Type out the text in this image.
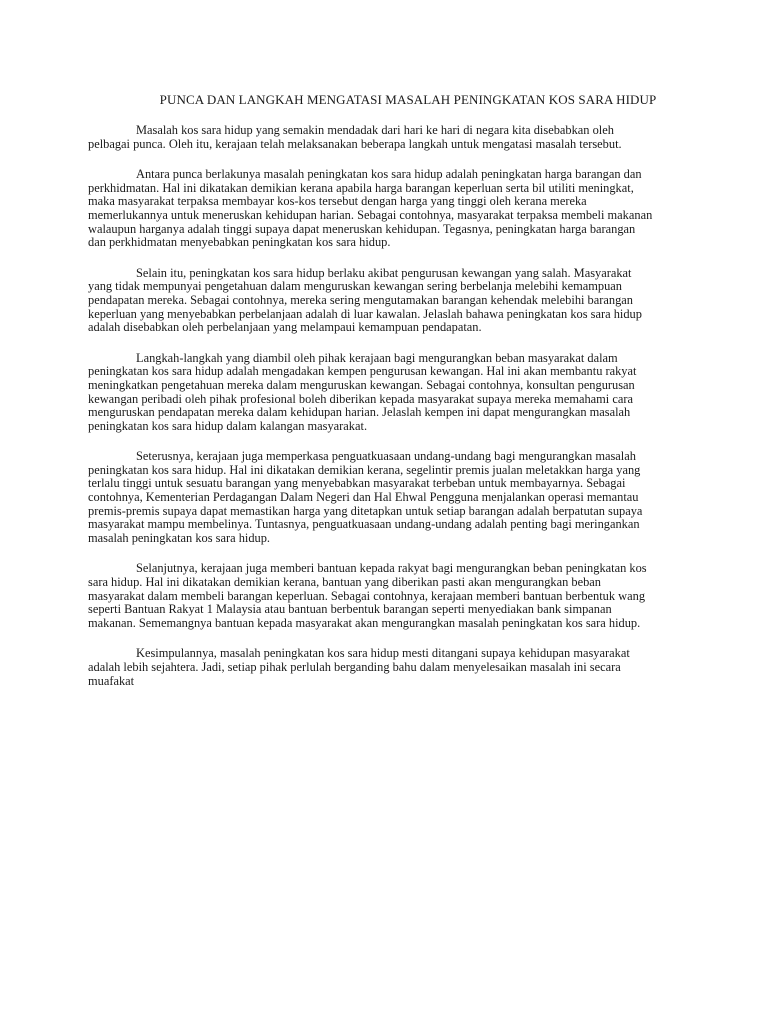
PUNCA DAN LANGKAH MENGATASI MASALAH PENINGKATAN KOS SARA HIDUP

Masalah kos sara hidup yang semakin mendadak dari hari ke hari di negara kita disebabkan oleh pelbagai punca. Oleh itu, kerajaan telah melaksanakan beberapa langkah untuk mengatasi masalah tersebut.

Antara punca berlakunya masalah peningkatan kos sara hidup adalah peningkatan harga barangan dan perkhidmatan. Hal ini dikatakan demikian kerana apabila harga barangan keperluan serta bil utiliti meningkat, maka masyarakat terpaksa membayar kos-kos tersebut dengan harga yang tinggi oleh kerana mereka memerlukannya untuk meneruskan kehidupan harian. Sebagai contohnya, masyarakat terpaksa membeli makanan walaupun harganya adalah tinggi supaya dapat meneruskan kehidupan. Tegasnya, peningkatan harga barangan dan perkhidmatan menyebabkan peningkatan kos sara hidup.

Selain itu, peningkatan kos sara hidup berlaku akibat pengurusan kewangan yang salah. Masyarakat yang tidak mempunyai pengetahuan dalam menguruskan kewangan sering berbelanja melebihi kemampuan pendapatan mereka. Sebagai contohnya, mereka sering mengutamakan barangan kehendak melebihi barangan keperluan yang menyebabkan perbelanjaan adalah di luar kawalan. Jelaslah bahawa peningkatan kos sara hidup adalah disebabkan oleh perbelanjaan yang melampaui kemampuan pendapatan.

Langkah-langkah yang diambil oleh pihak kerajaan bagi mengurangkan beban masyarakat dalam peningkatan kos sara hidup adalah mengadakan kempen pengurusan kewangan. Hal ini akan membantu rakyat meningkatkan pengetahuan mereka dalam menguruskan kewangan. Sebagai contohnya, konsultan pengurusan kewangan peribadi oleh pihak profesional boleh diberikan kepada masyarakat supaya mereka memahami cara menguruskan pendapatan mereka dalam kehidupan harian. Jelaslah kempen ini dapat mengurangkan masalah peningkatan kos sara hidup dalam kalangan masyarakat.

Seterusnya, kerajaan juga memperkasa penguatkuasaan undang-undang bagi mengurangkan masalah peningkatan kos sara hidup. Hal ini dikatakan demikian kerana, segelintir premis jualan meletakkan harga yang terlalu tinggi untuk sesuatu barangan yang menyebabkan masyarakat terbeban untuk membayarnya. Sebagai contohnya, Kementerian Perdagangan Dalam Negeri dan Hal Ehwal Pengguna menjalankan operasi memantau premis-premis supaya dapat memastikan harga yang ditetapkan untuk setiap barangan adalah berpatutan supaya masyarakat mampu membelinya. Tuntasnya, penguatkuasaan undang-undang adalah penting bagi meringankan masalah peningkatan kos sara hidup.

Selanjutnya, kerajaan juga memberi bantuan kepada rakyat bagi mengurangkan beban peningkatan kos sara hidup. Hal ini dikatakan demikian kerana, bantuan yang diberikan pasti akan mengurangkan beban masyarakat dalam membeli barangan keperluan. Sebagai contohnya, kerajaan memberi bantuan berbentuk wang seperti Bantuan Rakyat 1 Malaysia atau bantuan berbentuk barangan seperti menyediakan bank simpanan makanan. Sememangnya bantuan kepada masyarakat akan mengurangkan masalah peningkatan kos sara hidup.

Kesimpulannya, masalah peningkatan kos sara hidup mesti ditangani supaya kehidupan masyarakat adalah lebih sejahtera. Jadi, setiap pihak perlulah berganding bahu dalam menyelesaikan masalah ini secara muafakat
